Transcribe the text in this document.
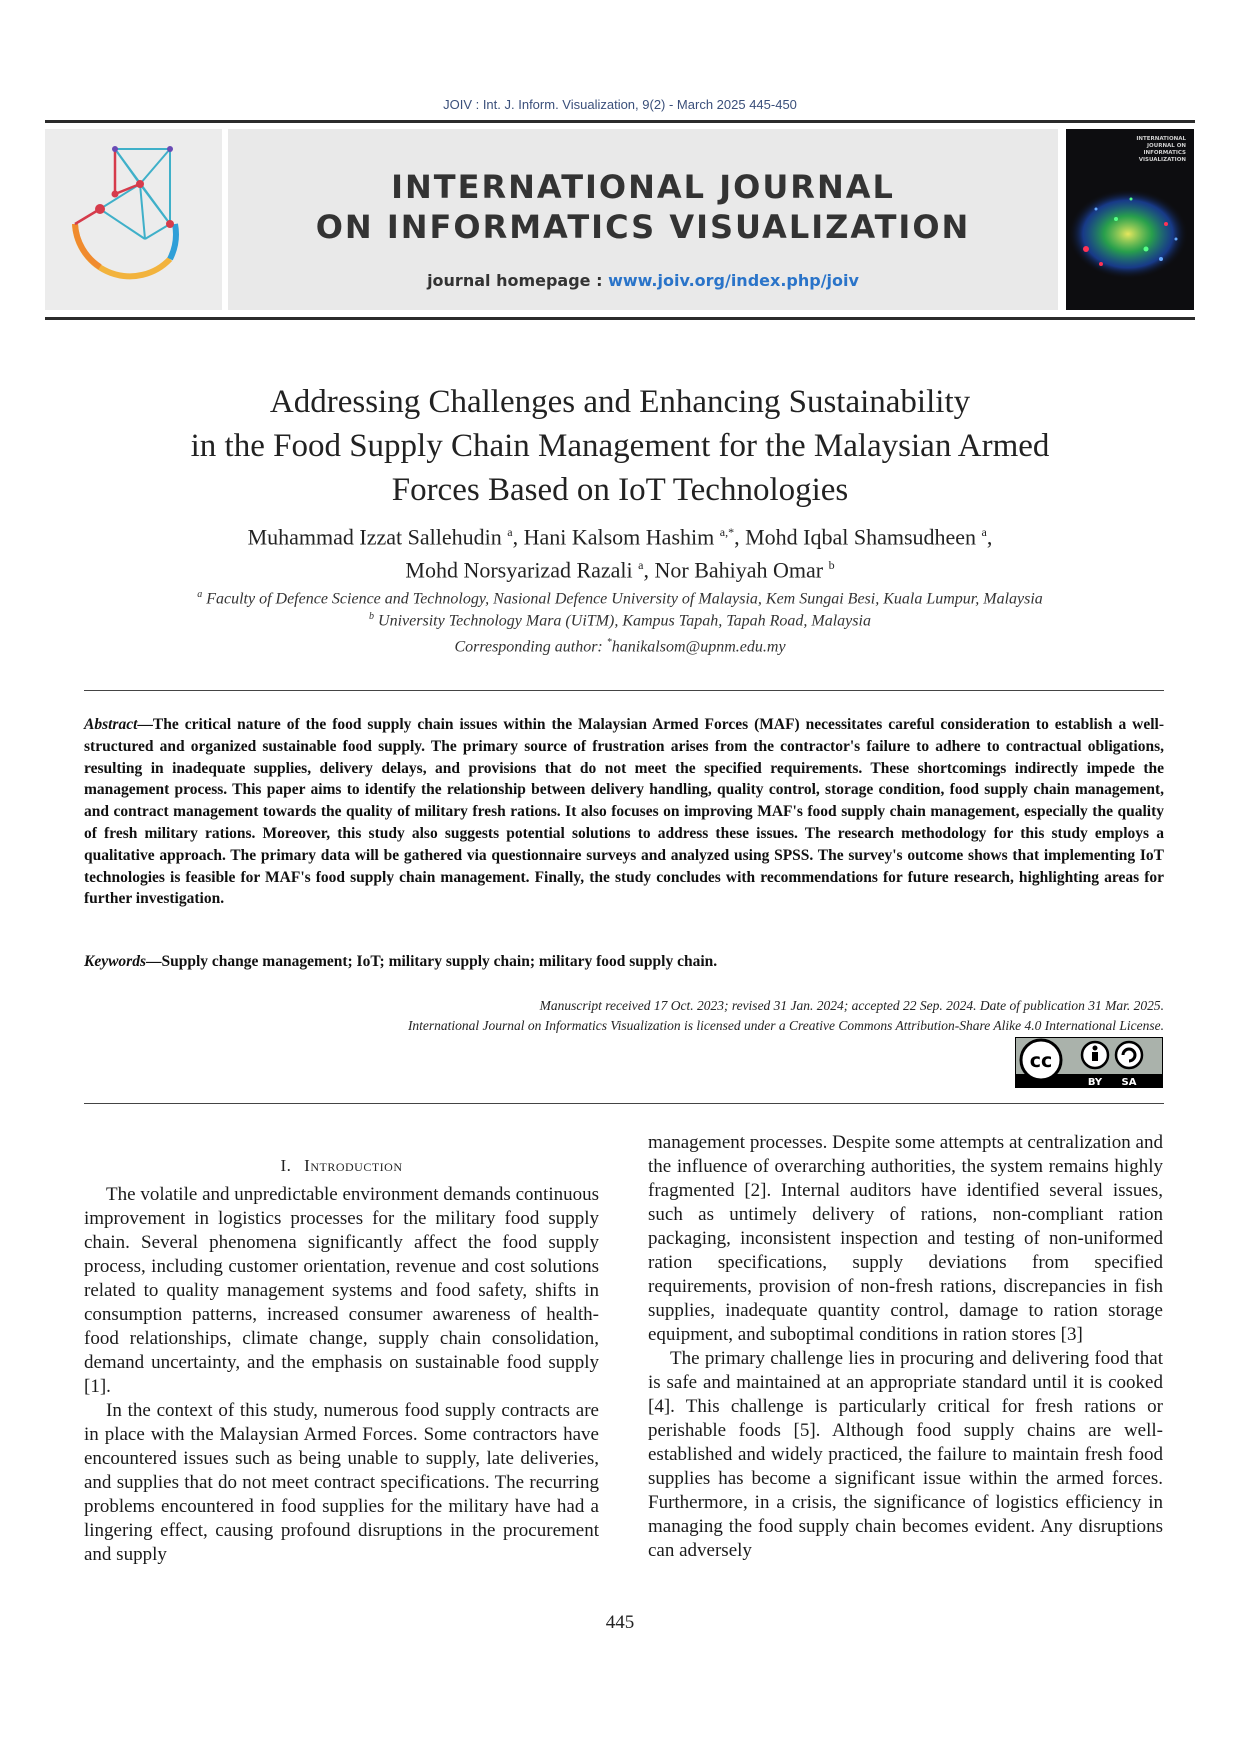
JOIV : Int. J. Inform. Visualization, 9(2) - March 2025 445-450
INTERNATIONAL JOURNAL
ON INFORMATICS VISUALIZATION
journal homepage : www.joiv.org/index.php/joiv
INTERNATIONAL JOURNAL ON INFORMATICS VISUALIZATION
Addressing Challenges and Enhancing Sustainability
in the Food Supply Chain Management for the Malaysian Armed
Forces Based on IoT Technologies
Muhammad Izzat Sallehudin $^a$, Hani Kalsom Hashim $^{a,*}$, Mohd Iqbal Shamsudheen $^a$,
Mohd Norsyarizad Razali $^a$, Nor Bahiyah Omar $^b$
$^a$ Faculty of Defence Science and Technology, Nasional Defence University of Malaysia, Kem Sungai Besi, Kuala Lumpur, Malaysia
$^b$ University Technology Mara (UiTM), Kampus Tapah, Tapah Road, Malaysia
Corresponding author: *hanikalsom@upnm.edu.my
Abstract—The critical nature of the food supply chain issues within the Malaysian Armed Forces (MAF) necessitates careful consideration to establish a well-structured and organized sustainable food supply. The primary source of frustration arises from the contractor's failure to adhere to contractual obligations, resulting in inadequate supplies, delivery delays, and provisions that do not meet the specified requirements. These shortcomings indirectly impede the management process. This paper aims to identify the relationship between delivery handling, quality control, storage condition, food supply chain management, and contract management towards the quality of military fresh rations. It also focuses on improving MAF's food supply chain management, especially the quality of fresh military rations. Moreover, this study also suggests potential solutions to address these issues. The research methodology for this study employs a qualitative approach. The primary data will be gathered via questionnaire surveys and analyzed using SPSS. The survey's outcome shows that implementing IoT technologies is feasible for MAF's food supply chain management. Finally, the study concludes with recommendations for future research, highlighting areas for further investigation.
Keywords—Supply change management; IoT; military supply chain; military food supply chain.
Manuscript received 17 Oct. 2023; revised 31 Jan. 2024; accepted 22 Sep. 2024. Date of publication 31 Mar. 2025.
International Journal on Informatics Visualization is licensed under a Creative Commons Attribution-Share Alike 4.0 International License.
cc
BY SA
I. Introduction

The volatile and unpredictable environment demands continuous improvement in logistics processes for the military food supply chain. Several phenomena significantly affect the food supply process, including customer orientation, revenue and cost solutions related to quality management systems and food safety, shifts in consumption patterns, increased consumer awareness of health-food relationships, climate change, supply chain consolidation, demand uncertainty, and the emphasis on sustainable food supply [1].

In the context of this study, numerous food supply contracts are in place with the Malaysian Armed Forces. Some contractors have encountered issues such as being unable to supply, late deliveries, and supplies that do not meet contract specifications. The recurring problems encountered in food supplies for the military have had a lingering effect, causing profound disruptions in the procurement and supply

management processes. Despite some attempts at centralization and the influence of overarching authorities, the system remains highly fragmented [2]. Internal auditors have identified several issues, such as untimely delivery of rations, non-compliant ration packaging, inconsistent inspection and testing of non-uniformed ration specifications, supply deviations from specified requirements, provision of non-fresh rations, discrepancies in fish supplies, inadequate quantity control, damage to ration storage equipment, and suboptimal conditions in ration stores [3]

The primary challenge lies in procuring and delivering food that is safe and maintained at an appropriate standard until it is cooked [4]. This challenge is particularly critical for fresh rations or perishable foods [5]. Although food supply chains are well-established and widely practiced, the failure to maintain fresh food supplies has become a significant issue within the armed forces. Furthermore, in a crisis, the significance of logistics efficiency in managing the food supply chain becomes evident. Any disruptions can adversely

445
